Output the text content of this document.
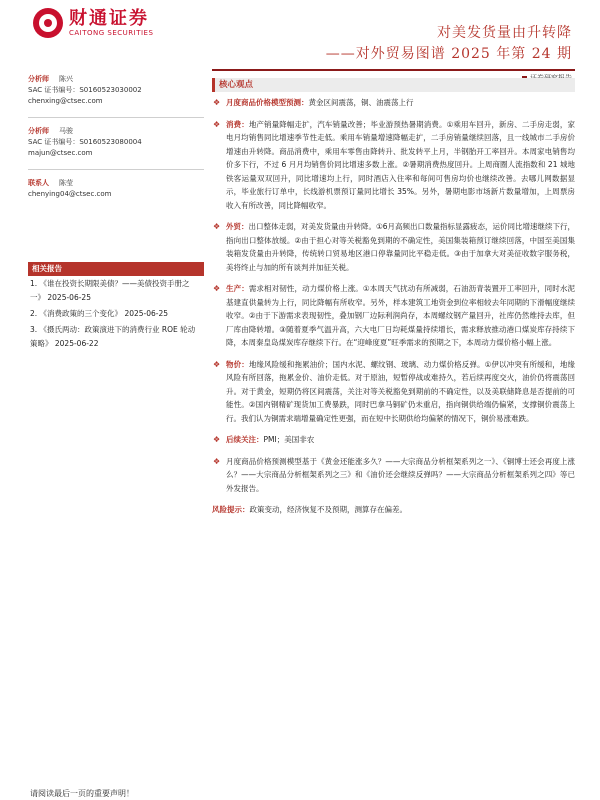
财通证券
CAITONG SECURITIES	对美发货量由升转降
——对外贸易图谱 2025 年第 24 期
分析师 陈兴
SAC 证书编号：S0160523030002
chenxing@ctsec.com
分析师 马骏
SAC 证书编号：S0160523080004
majun@ctsec.com
联系人 陈莹
chenying04@ctsec.com
相关报告
1. 《谁在投资长期限美债？——美债投资手册之一》 2025-06-25
2. 《消费政策的三个变化》 2025-06-25
3. 《摄氏两动：政策演进下的消费行业 ROE 轮动策略》 2025-06-22
核心观点
❖ 月度商品价格模型预测：黄金区间震荡，铜、油震荡上行
❖ 消费：地产销量降幅走扩，汽车销量改善；毕业游预热暑期消费。①乘用车回升，新房、二手房走弱，家电月均销售同比增速季节性走低。乘用车销量增速降幅走扩，二手房销量继续回落，且一线城市二手房价增速由升转降。商品消费中，乘用车零售由降转升、批发转平上月，半钢胎开工率回升。本周家电销售均价多下行，不过 6 月月均销售价同比增速多数上涨。②暑期消费热度回升。上周商圈人流指数和 21 城地铁客运量双双回升，同比增速均上行，同时酒店入住率和每间可售房均价也继续改善。去哪儿网数据显示，毕业旅行订单中，长线游机票预订量同比增长 35%。另外，暑期电影市场新片数量增加，上周票房收入有所改善，同比降幅收窄。
❖ 外贸：出口整体走弱，对美发货量由升转降。①6月高频出口数量指标显露疲态，运价同比增速继续下行，指向出口整体放缓。②由于担心对等关税豁免到期的不确定性，美国集装箱预订继续回落，中国至美国集装箱发货量由升转降，传统转口贸易地区港口停靠量同比平稳走低。③由于加拿大对美征收数字服务税，美将终止与加的所有谈判并加征关税。
❖ 生产：需求相对韧性，动力煤价格上涨。①本周天气扰动有所减弱，石油沥青装置开工率回升，同时水泥基建直供量转为上行，同比降幅有所收窄。另外，样本建筑工地资金到位率相较去年同期的下滑幅度继续收窄。②由于下游需求表现韧性，叠加钢厂边际利润尚存，本周螺纹钢产量回升，社库仍然维持去库，但厂库由降转增。③随着夏季气温升高，六大电厂日均耗煤量持续增长，需求释放推动港口煤炭库存持续下降，本周秦皇岛煤炭库存继续下行。在“迎峰度夏”旺季需求的预期之下，本周动力煤价格小幅上涨。
❖ 物价：地缘风险缓和拖累油价；国内水泥、螺纹钢、玻璃、动力煤价格反弹。①伊以冲突有所缓和，地缘风险有所回落，拖累金价、油价走低。对于原油，短暂停战或难持久，若后续再度交火，油价仍将震荡回升。对于黄金，短期仍将区间震荡，关注对等关税豁免到期前的不确定性，以及美联储降息是否提前的可能性。②国内钢精矿现货加工费暴跌，同时巴拿马铜矿仍未重启，指向铜供给端仍偏紧，支撑铜价震荡上行。我们认为铜需求端增量确定性更强，而在短中长期供给均偏紧的情况下，铜价易涨难跌。
❖ 后续关注：PMI；美国非农
❖ 月度商品价格预测模型基于《黄金还能涨多久？——大宗商品分析框架系列之一》、《铜博士还会再度上涨么？——大宗商品分析框架系列之三》和《油价还会继续反弹吗？——大宗商品分析框架系列之四》等已外发报告。
风险提示：政策变动，经济恢复不及预期，测算存在偏差。
请阅读最后一页的重要声明！
